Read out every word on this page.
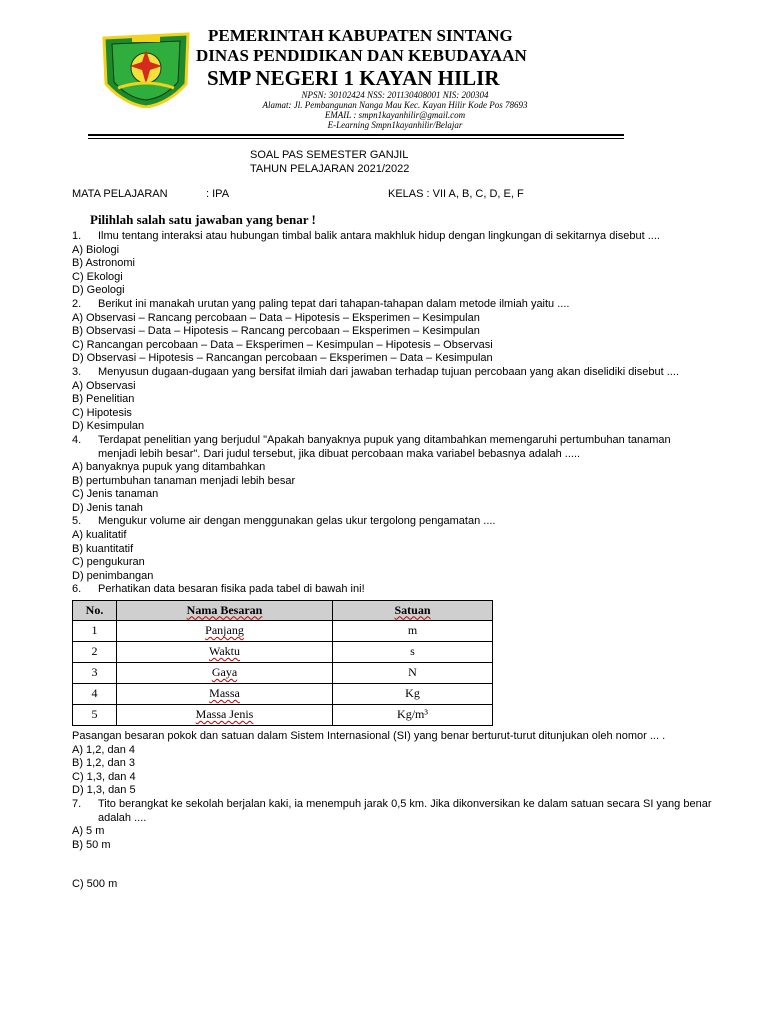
PEMERINTAH KABUPATEN SINTANG
DINAS PENDIDIKAN DAN KEBUDAYAAN
SMP NEGERI 1 KAYAN HILIR
NPSN: 30102424 NSS: 201130408001 NIS: 200304
Alamat: Jl. Pembangunan Nanga Mau Kec. Kayan Hilir Kode Pos 78693
EMAIL : smpn1kayanhilir@gmail.com
E-Learning Smpn1kayanhilir/Belajar
SOAL PAS SEMESTER GANJIL
TAHUN PELAJARAN 2021/2022
MATA PELAJARAN	: IPA	KELAS : VII A, B, C, D, E, F
Pilihlah salah satu jawaban yang benar !
1.	Ilmu tentang interaksi atau hubungan timbal balik antara makhluk hidup dengan lingkungan di sekitarnya disebut ....
A) Biologi
B) Astronomi
C) Ekologi
D) Geologi
2.	Berikut ini manakah urutan yang paling tepat dari tahapan-tahapan dalam metode ilmiah yaitu ....
A) Observasi – Rancang percobaan – Data – Hipotesis – Eksperimen – Kesimpulan
B) Observasi – Data – Hipotesis – Rancang percobaan – Eksperimen – Kesimpulan
C) Rancangan percobaan – Data – Eksperimen – Kesimpulan – Hipotesis – Observasi
D) Observasi – Hipotesis – Rancangan percobaan – Eksperimen – Data – Kesimpulan
3.	Menyusun dugaan-dugaan yang bersifat ilmiah dari jawaban terhadap tujuan percobaan yang akan diselidiki disebut ....
A) Observasi
B) Penelitian
C) Hipotesis
D) Kesimpulan
4.	Terdapat penelitian yang berjudul "Apakah banyaknya pupuk yang ditambahkan memengaruhi pertumbuhan tanaman menjadi lebih besar". Dari judul tersebut, jika dibuat percobaan maka variabel bebasnya adalah .....
A) banyaknya pupuk yang ditambahkan
B) pertumbuhan tanaman menjadi lebih besar
C) Jenis tanaman
D) Jenis tanah
5.	Mengukur volume air dengan menggunakan gelas ukur tergolong pengamatan ....
A) kualitatif
B) kuantitatif
C) pengukuran
D) penimbangan
6.	Perhatikan data besaran fisika pada tabel di bawah ini!
No.	Nama Besaran	Satuan
1	Panjang	m
2	Waktu	s
3	Gaya	N
4	Massa	Kg
5	Massa Jenis	Kg/m³
Pasangan besaran pokok dan satuan dalam Sistem Internasional (SI) yang benar berturut-turut ditunjukan oleh nomor ... .
A) 1,2, dan 4
B) 1,2, dan 3
C) 1,3, dan 4
D) 1,3, dan 5
7.	Tito berangkat ke sekolah berjalan kaki, ia menempuh jarak 0,5 km. Jika dikonversikan ke dalam satuan secara SI yang benar adalah ....
A) 5 m
B) 50 m
C) 500 m
